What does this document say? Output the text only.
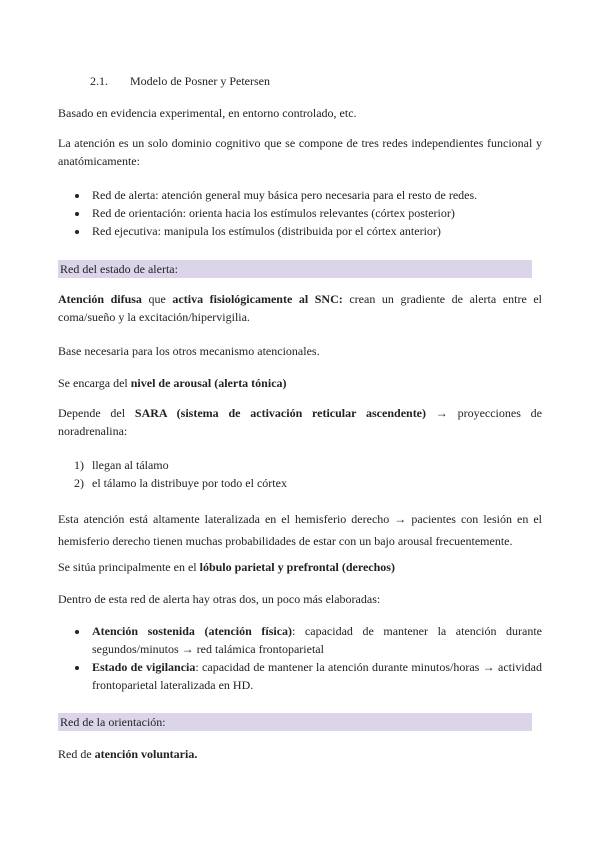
2.1. Modelo de Posner y Petersen

Basado en evidencia experimental, en entorno controlado, etc.

La atención es un solo dominio cognitivo que se compone de tres redes independientes funcional y anatómicamente:

Red de alerta: atención general muy básica pero necesaria para el resto de redes.
Red de orientación: orienta hacia los estímulos relevantes (córtex posterior)
Red ejecutiva: manipula los estímulos (distribuida por el córtex anterior)

Red del estado de alerta:

Atención difusa que activa fisiológicamente al SNC: crean un gradiente de alerta entre el coma/sueño y la excitación/hipervigilia.

Base necesaria para los otros mecanismo atencionales.

Se encarga del nivel de arousal (alerta tónica)

Depende del SARA (sistema de activación reticular ascendente) → proyecciones de noradrenalina:

1) llegan al tálamo
2) el tálamo la distribuye por todo el córtex

Esta atención está altamente lateralizada en el hemisferio derecho → pacientes con lesión en el hemisferio derecho tienen muchas probabilidades de estar con un bajo arousal frecuentemente.

Se sitúa principalmente en el lóbulo parietal y prefrontal (derechos)

Dentro de esta red de alerta hay otras dos, un poco más elaboradas:

Atención sostenida (atención física): capacidad de mantener la atención durante segundos/minutos → red talámica frontoparietal
Estado de vigilancia: capacidad de mantener la atención durante minutos/horas → actividad frontoparietal lateralizada en HD.

Red de la orientación:

Red de atención voluntaria.
